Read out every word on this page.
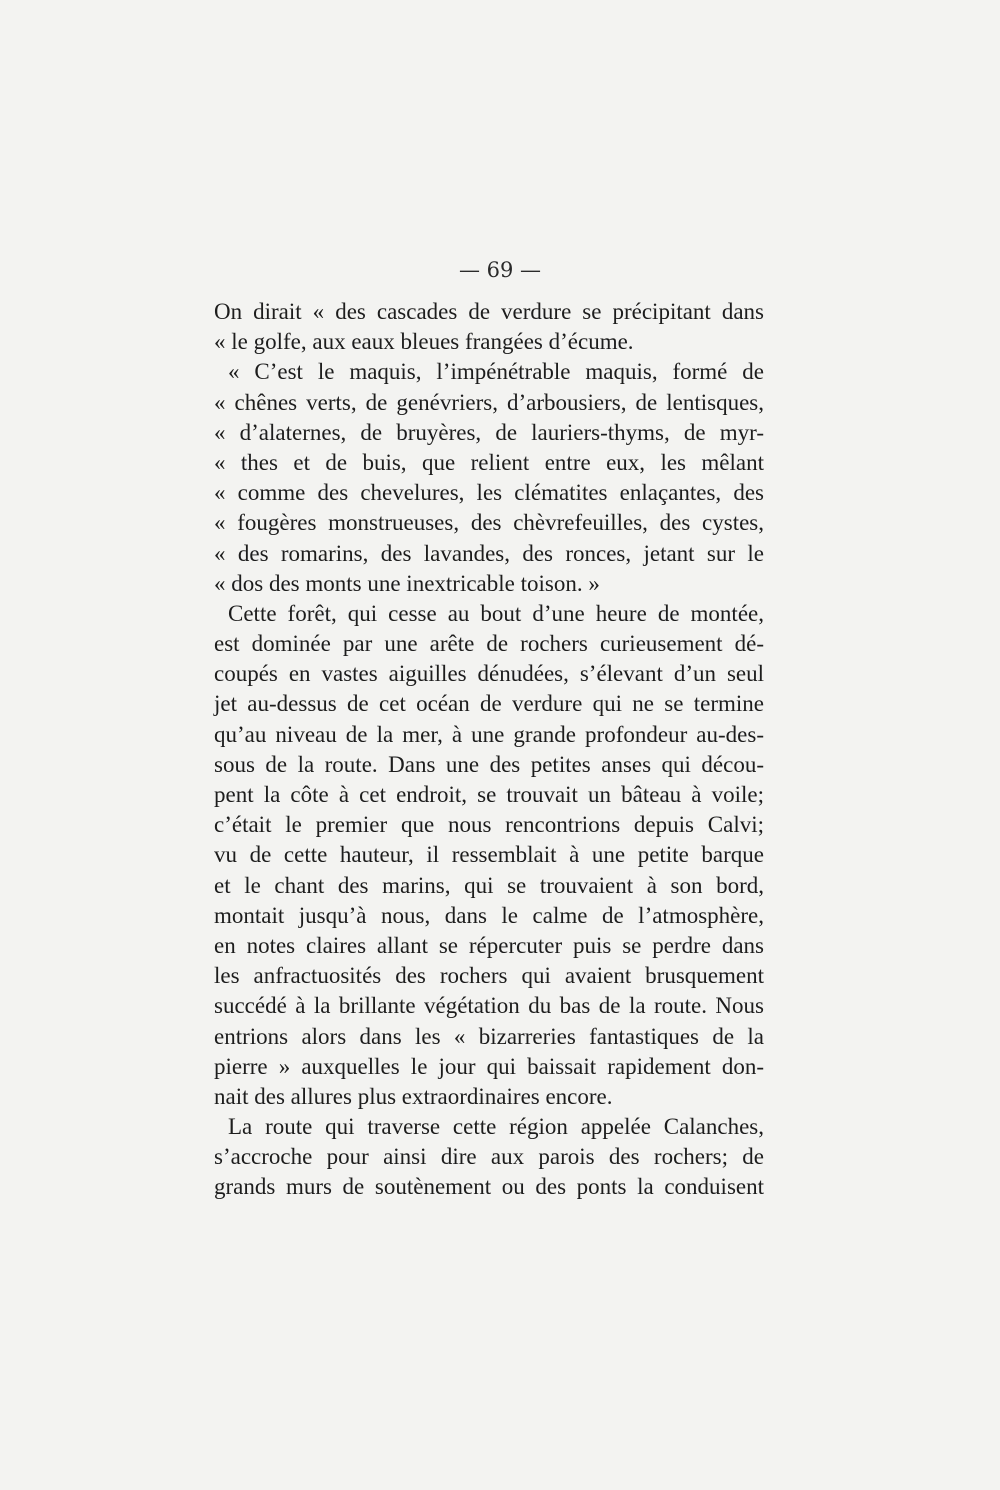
— 69 —
On dirait « des cascades de verdure se précipitant dans
« le golfe, aux eaux bleues frangées d’écume.
« C’est le maquis, l’impénétrable maquis, formé de
« chênes verts, de genévriers, d’arbousiers, de lentisques,
« d’alaternes, de bruyères, de lauriers-thyms, de myr-
« thes et de buis, que relient entre eux, les mêlant
« comme des chevelures, les clématites enlaçantes, des
« fougères monstrueuses, des chèvrefeuilles, des cystes,
« des romarins, des lavandes, des ronces, jetant sur le
« dos des monts une inextricable toison. »
Cette forêt, qui cesse au bout d’une heure de montée,
est dominée par une arête de rochers curieusement dé-
coupés en vastes aiguilles dénudées, s’élevant d’un seul
jet au-dessus de cet océan de verdure qui ne se termine
qu’au niveau de la mer, à une grande profondeur au-des-
sous de la route. Dans une des petites anses qui décou-
pent la côte à cet endroit, se trouvait un bâteau à voile;
c’était le premier que nous rencontrions depuis Calvi;
vu de cette hauteur, il ressemblait à une petite barque
et le chant des marins, qui se trouvaient à son bord,
montait jusqu’à nous, dans le calme de l’atmosphère,
en notes claires allant se répercuter puis se perdre dans
les anfractuosités des rochers qui avaient brusquement
succédé à la brillante végétation du bas de la route. Nous
entrions alors dans les « bizarreries fantastiques de la
pierre » auxquelles le jour qui baissait rapidement don-
nait des allures plus extraordinaires encore.
La route qui traverse cette région appelée Calanches,
s’accroche pour ainsi dire aux parois des rochers; de
grands murs de soutènement ou des ponts la conduisent
